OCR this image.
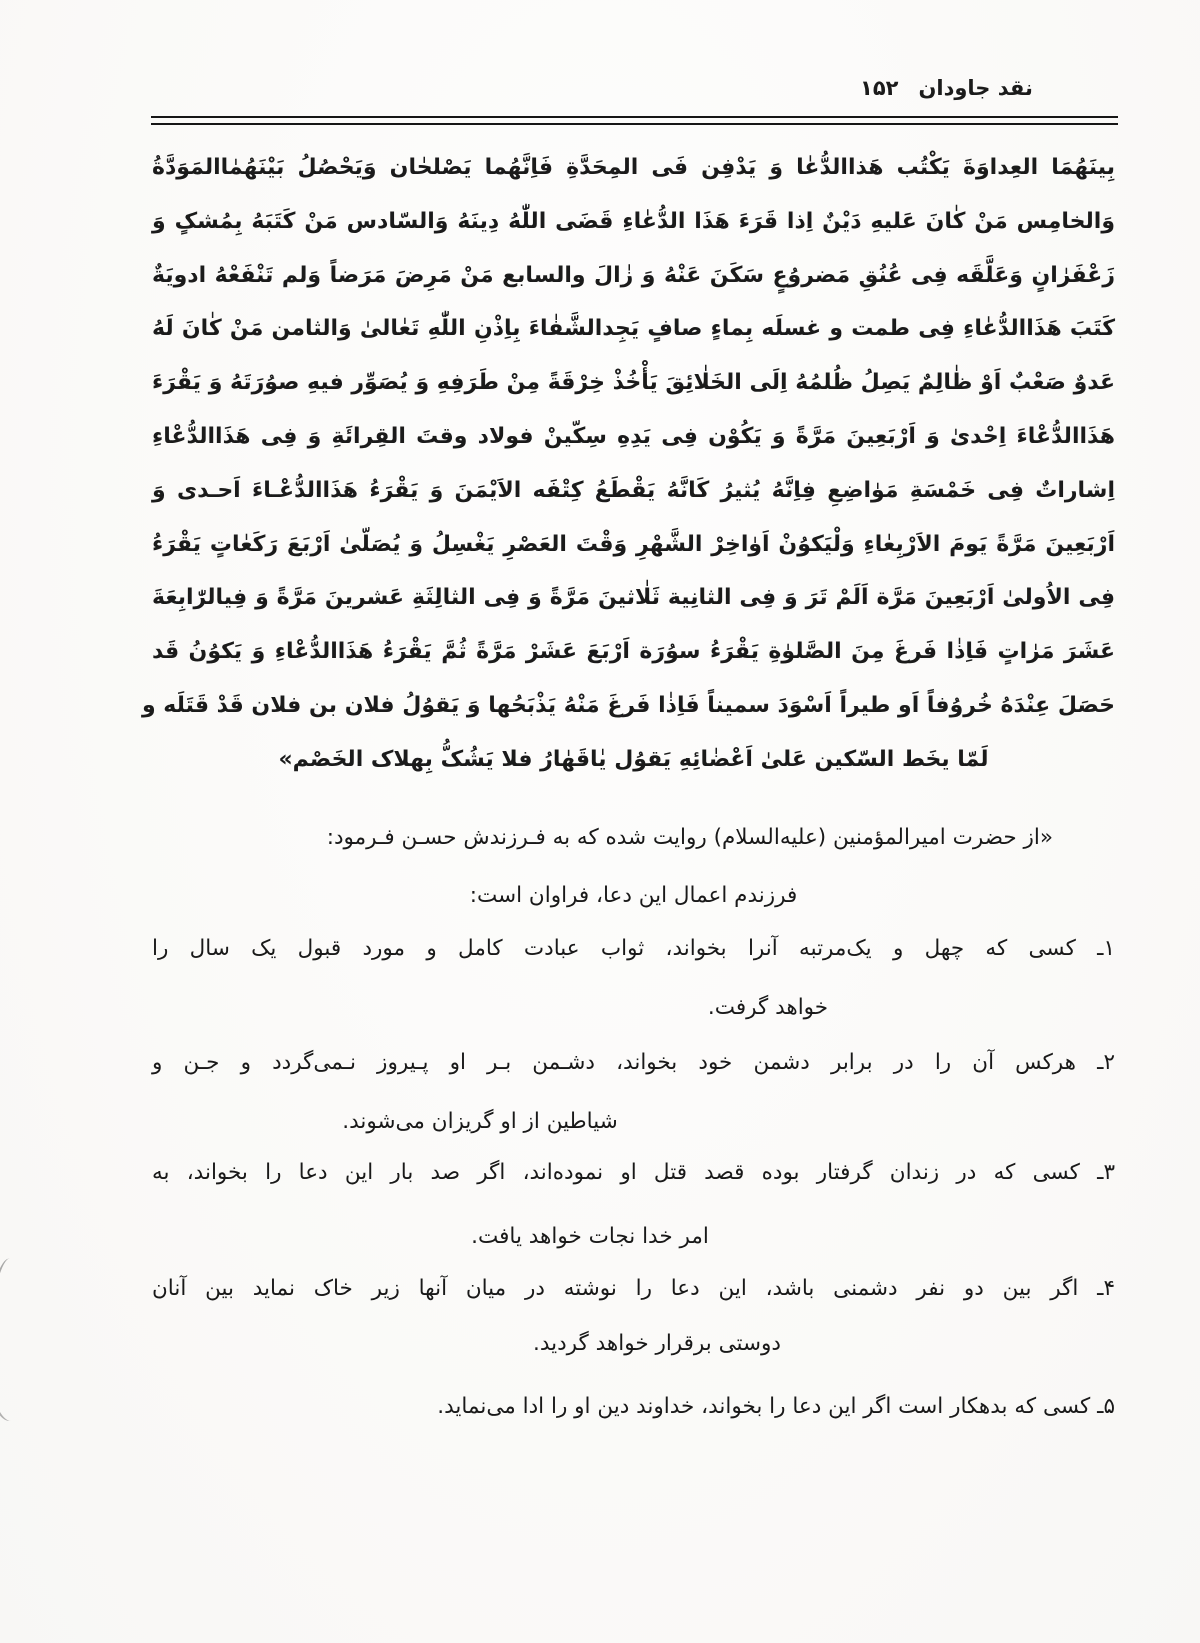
۱۵۲ نقد جاودان
بِینَهُمَا العِداوَةَ یَکْتُب هَذاالدُّعٰا وَ یَدْفِن فَی المِحَدَّةِ فَاِنَّهُما یَصْلحٰان وَیَحْصُلُ بَیْنَهُمٰاالمَوَدَّةُ
وَالخامِس مَنْ کٰانَ عَلیهِ دَیْنٌ اِذا قَرَءَ هَذَا الدُّعٰاءِ قَضَی اللّٰهُ دِینَهُ وَالسّادس مَنْ کَتَبَهُ بِمُشکٍ وَ
زَعْفَرٰانٍ وَعَلَّقَه فِی عُنُقِ مَضروُعٍ سَکَنَ عَنْهُ وَ زٰالَ والسابع مَنْ مَرِضَ مَرَضاً وَلم تَنْفَعْهُ ادویَةٌ
کَتَبَ هَذَاالدُّعٰاءِ فِی طمت و غسلَه بِماءٍ صافٍ یَجِدالشَّفٰاءَ بِاِذْنِ اللّٰهِ تَعٰالیٰ وَالثامن مَنْ کٰانَ لَهُ
عَدوٌ صَعْبٌ اَوْ ظٰالِمٌ یَصِلُ ظُلمُهُ اِلَی الخَلٰائِقَ یَأْخُذْ خِرْقَةً مِنْ طَرَفِهِ وَ یُصَوِّر فیهِ صوُرَتَهُ وَ یَقْرَءَ
هَذَاالدُّعْاءَ اِحْدیٰ وَ اَرْبَعِینَ مَرَّةً وَ یَکُوْن فِی یَدِهِ سِکّینْ فولاد وقتَ القِرائَةِ وَ فِی هَذَاالدُّعْاءِ
اِشاراتٌ فِی خَمْسَةِ مَوٰاضِعِ فِاِنَّهُ یُثیرُ کَانَّهُ یَقْطَعُ کِتْفَه الاَیْمَنَ وَ یَقْرَءُ هَذَاالدُّعْـاءَ اَحـدی وَ
اَرْبَعِینَ مَرَّةً یَومَ الاَرْبِعٰاءِ وَلْیَکوُنْ اَوٰاخِرْ الشَّهْرِ وَقْتَ العَصْرِ یَغْسِلُ وَ یُصَلّیٰ اَرْبَعَ رَکَعٰاتٍ یَقْرَءُ
فِی الاُولیٰ اَرْبَعِینَ مَرَّة اَلَمْ تَرَ وَ فِی الثانِیة ثَلٰاثینَ مَرَّةً وَ فِی الثالِثَةِ عَشرینَ مَرَّةً وَ فِیالرّٰابِعَةَ
عَشَرَ مَرٰاتٍ فَاِذٰا فَرغَ مِنَ الصَّلوٰةِ یَقْرَءُ سوُرَة اَرْبَعَ عَشَرْ مَرَّةً ثُمَّ یَقْرَءُ هَذَاالدُّعْاءِ وَ یَکوُنُ قَد
حَصَلَ عِنْدَهُ خُروُفاً اَو طیراً اَسْوَدَ سمیناً فَاِذٰا فَرغَ مَنْهُ یَذْبَحُها وَ یَقوُلُ فلان بن فلان قَدْ قَتَلَه و
لَمّا یخَط السّکین عَلیٰ اَعْضٰائِهِ یَقوُل یٰاقَهٰارُ فلا یَشُکُّ بِهلاک الخَصْم»
«از حضرت امیرالمؤمنین (علیه‌السلام) روایت شده که به فـرزندش حسـن فـرمود:
فرزندم اعمال این دعا، فراوان است:
۱ـ کسی که چهل و یک‌مرتبه آنرا بخواند، ثواب عبادت کامل و مورد قبول یک سال را
خواهد گرفت.
۲ـ هرکس آن را در برابر دشمن خود بخواند، دشـمن بـر او پـیروز نـمی‌گردد و جـن و
شیاطین از او گریزان می‌شوند.
۳ـ کسی که در زندان گرفتار بوده قصد قتل او نموده‌اند، اگر صد بار این دعا را بخواند، به
امر خدا نجات خواهد یافت.
۴ـ اگر بین دو نفر دشمنی باشد، این دعا را نوشته در میان آنها زیر خاک نماید بین آنان
دوستی برقرار خواهد گردید.
۵ـ کسی که بدهکار است اگر این دعا را بخواند، خداوند دین او را ادا می‌نماید.
